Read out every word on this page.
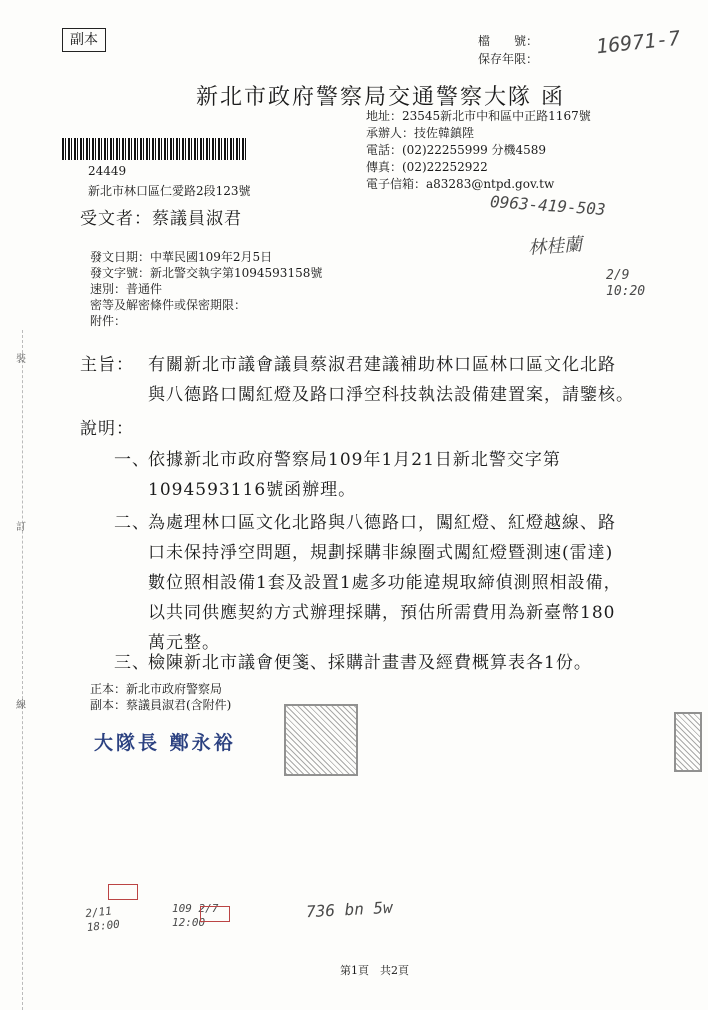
副本	檔　　號：
保存年限：
16971-7
新北市政府警察局交通警察大隊 函
地址：23545新北市中和區中正路1167號
承辦人：技佐韓鎮陞
電話：(02)22255999 分機4589
傳真：(02)22252922
電子信箱：a83283@ntpd.gov.tw
24449
新北市林口區仁愛路2段123號
受文者：蔡議員淑君	0963-419-503
林桂蘭
2/9 10:20
發文日期：中華民國109年2月5日
發文字號：新北警交執字第1094593158號
速別：普通件
密等及解密條件或保密期限：
附件：
裝
訂
線
主旨： 有關新北市議會議員蔡淑君建議補助林口區林口區文化北路
與八德路口闖紅燈及路口淨空科技執法設備建置案，請鑒核。
說明：
一、
依據新北市政府警察局109年1月21日新北警交字第
1094593116號函辦理。
二、
為處理林口區文化北路與八德路口，闖紅燈、紅燈越線、路
口未保持淨空問題，規劃採購非線圈式闖紅燈暨測速(雷達)
數位照相設備1套及設置1處多功能違規取締偵測照相設備，
以共同供應契約方式辦理採購，預估所需費用為新臺幣180
萬元整。
三、
檢陳新北市議會便箋、採購計畫書及經費概算表各1份。
正本：新北市政府警察局
副本：蔡議員淑君(含附件)
大隊長 鄭永裕
2/11 18:00
109 2/7 12:00
736 bn 5w
第1頁　共2頁
